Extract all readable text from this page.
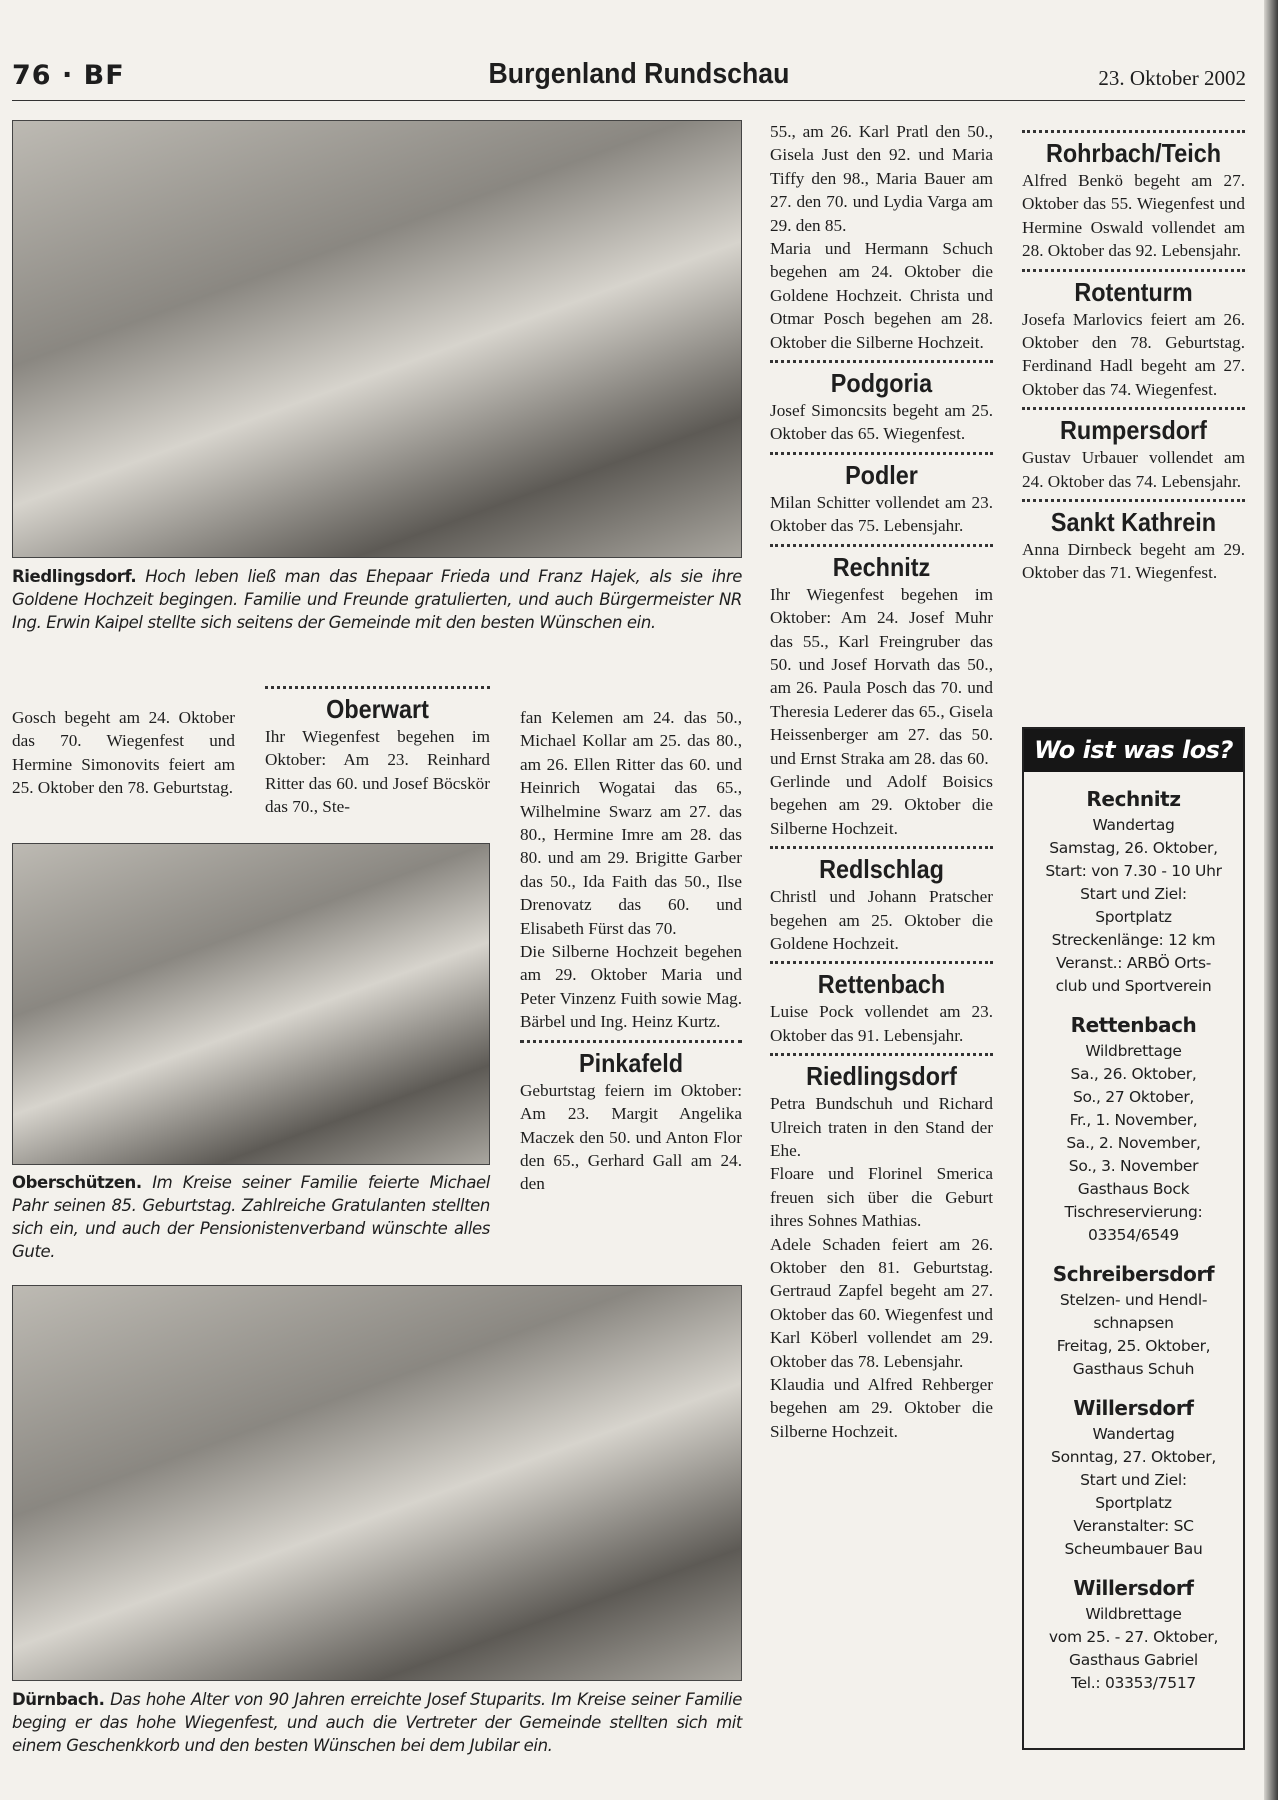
76 · BF	Burgenland Rundschau	23. Oktober 2002
Riedlingsdorf. Hoch leben ließ man das Ehepaar Frieda und Franz Hajek, als sie ihre Goldene Hochzeit begingen. Familie und Freunde gratulierten, und auch Bürgermeister NR Ing. Erwin Kaipel stellte sich seitens der Gemeinde mit den besten Wünschen ein.
Oberschützen. Im Kreise seiner Familie feierte Michael Pahr seinen 85. Geburtstag. Zahlreiche Gratulanten stellten sich ein, und auch der Pensionistenverband wünschte alles Gute.
Dürnbach. Das hohe Alter von 90 Jahren erreichte Josef Stuparits. Im Kreise seiner Familie beging er das hohe Wiegenfest, und auch die Vertreter der Gemeinde stellten sich mit einem Geschenkkorb und den besten Wünschen bei dem Jubilar ein.

Gosch begeht am 24. Oktober das 70. Wiegenfest und Hermine Simonovits feiert am 25. Oktober den 78. Geburtstag.

Oberwart

Ihr Wiegenfest begehen im Oktober: Am 23. Reinhard Ritter das 60. und Josef Böcskör das 70., Ste-

fan Kelemen am 24. das 50., Michael Kollar am 25. das 80., am 26. Ellen Ritter das 60. und Heinrich Wogatai das 65., Wilhelmine Swarz am 27. das 80., Hermine Imre am 28. das 80. und am 29. Brigitte Garber das 50., Ida Faith das 50., Ilse Drenovatz das 60. und Elisabeth Fürst das 70.

Die Silberne Hochzeit begehen am 29. Oktober Maria und Peter Vinzenz Fuith sowie Mag. Bärbel und Ing. Heinz Kurtz.

Pinkafeld

Geburtstag feiern im Oktober: Am 23. Margit Angelika Maczek den 50. und Anton Flor den 65., Gerhard Gall am 24. den

55., am 26. Karl Pratl den 50., Gisela Just den 92. und Maria Tiffy den 98., Maria Bauer am 27. den 70. und Lydia Varga am 29. den 85.

Maria und Hermann Schuch begehen am 24. Oktober die Goldene Hochzeit. Christa und Otmar Posch begehen am 28. Oktober die Silberne Hochzeit.

Podgoria

Josef Simoncsits begeht am 25. Oktober das 65. Wiegenfest.

Podler

Milan Schitter vollendet am 23. Oktober das 75. Lebensjahr.

Rechnitz

Ihr Wiegenfest begehen im Oktober: Am 24. Josef Muhr das 55., Karl Freingruber das 50. und Josef Horvath das 50., am 26. Paula Posch das 70. und Theresia Lederer das 65., Gisela Heissenberger am 27. das 50. und Ernst Straka am 28. das 60.

Gerlinde und Adolf Boisics begehen am 29. Oktober die Silberne Hochzeit.

Redlschlag

Christl und Johann Pratscher begehen am 25. Oktober die Goldene Hochzeit.

Rettenbach

Luise Pock vollendet am 23. Oktober das 91. Lebensjahr.

Riedlingsdorf

Petra Bundschuh und Richard Ulreich traten in den Stand der Ehe.

Floare und Florinel Smerica freuen sich über die Geburt ihres Sohnes Mathias.

Adele Schaden feiert am 26. Oktober den 81. Geburtstag. Gertraud Zapfel begeht am 27. Oktober das 60. Wiegenfest und Karl Köberl vollendet am 29. Oktober das 78. Lebensjahr.

Klaudia und Alfred Rehberger begehen am 29. Oktober die Silberne Hochzeit.

Rohrbach/Teich

Alfred Benkö begeht am 27. Oktober das 55. Wiegenfest und Hermine Oswald vollendet am 28. Oktober das 92. Lebensjahr.

Rotenturm

Josefa Marlovics feiert am 26. Oktober den 78. Geburtstag. Ferdinand Hadl begeht am 27. Oktober das 74. Wiegenfest.

Rumpersdorf

Gustav Urbauer vollendet am 24. Oktober das 74. Lebensjahr.

Sankt Kathrein

Anna Dirnbeck begeht am 29. Oktober das 71. Wiegenfest.

Wo ist was los?
Rechnitz
Wandertag
Samstag, 26. Oktober,
Start: von 7.30 - 10 Uhr
Start und Ziel:
Sportplatz
Streckenlänge: 12 km
Veranst.: ARBÖ Orts-
club und Sportverein
Rettenbach
Wildbrettage
Sa., 26. Oktober,
So., 27 Oktober,
Fr., 1. November,
Sa., 2. November,
So., 3. November
Gasthaus Bock
Tischreservierung:
03354/6549
Schreibersdorf
Stelzen- und Hendl-
schnapsen
Freitag, 25. Oktober,
Gasthaus Schuh
Willersdorf
Wandertag
Sonntag, 27. Oktober,
Start und Ziel:
Sportplatz
Veranstalter: SC
Scheumbauer Bau
Willersdorf
Wildbrettage
vom 25. - 27. Oktober,
Gasthaus Gabriel
Tel.: 03353/7517
